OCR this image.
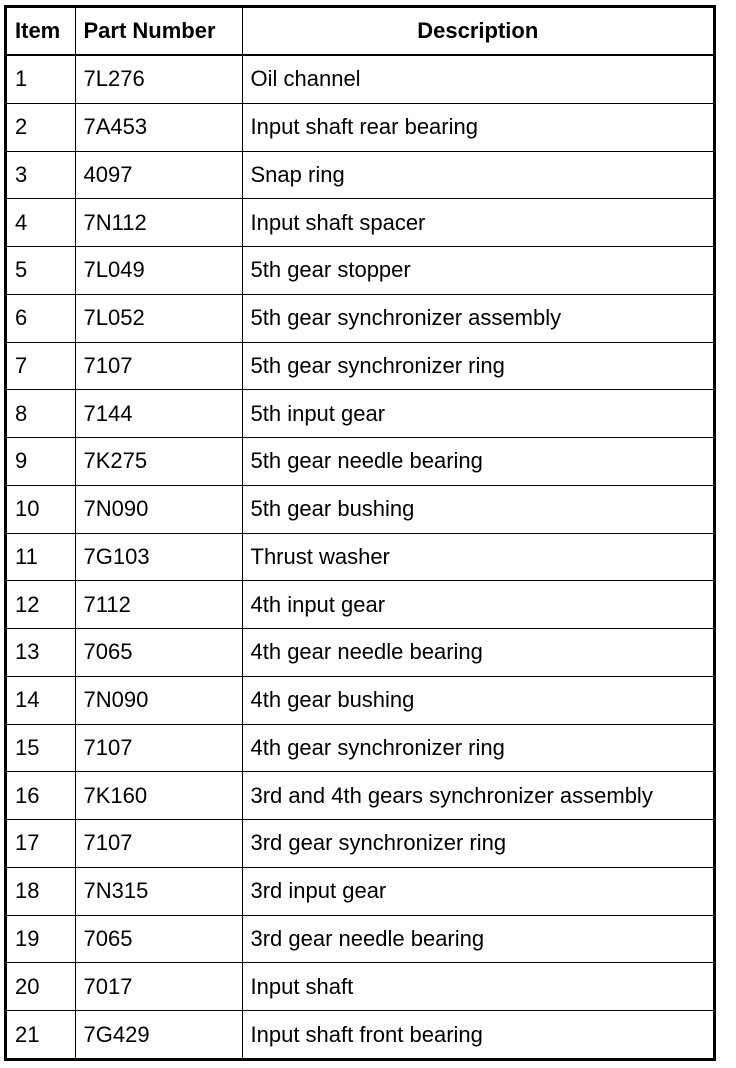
Item	Part Number	Description
1	7L276	Oil channel
2	7A453	Input shaft rear bearing
3	4097	Snap ring
4	7N112	Input shaft spacer
5	7L049	5th gear stopper
6	7L052	5th gear synchronizer assembly
7	7107	5th gear synchronizer ring
8	7144	5th input gear
9	7K275	5th gear needle bearing
10	7N090	5th gear bushing
11	7G103	Thrust washer
12	7112	4th input gear
13	7065	4th gear needle bearing
14	7N090	4th gear bushing
15	7107	4th gear synchronizer ring
16	7K160	3rd and 4th gears synchronizer assembly
17	7107	3rd gear synchronizer ring
18	7N315	3rd input gear
19	7065	3rd gear needle bearing
20	7017	Input shaft
21	7G429	Input shaft front bearing
